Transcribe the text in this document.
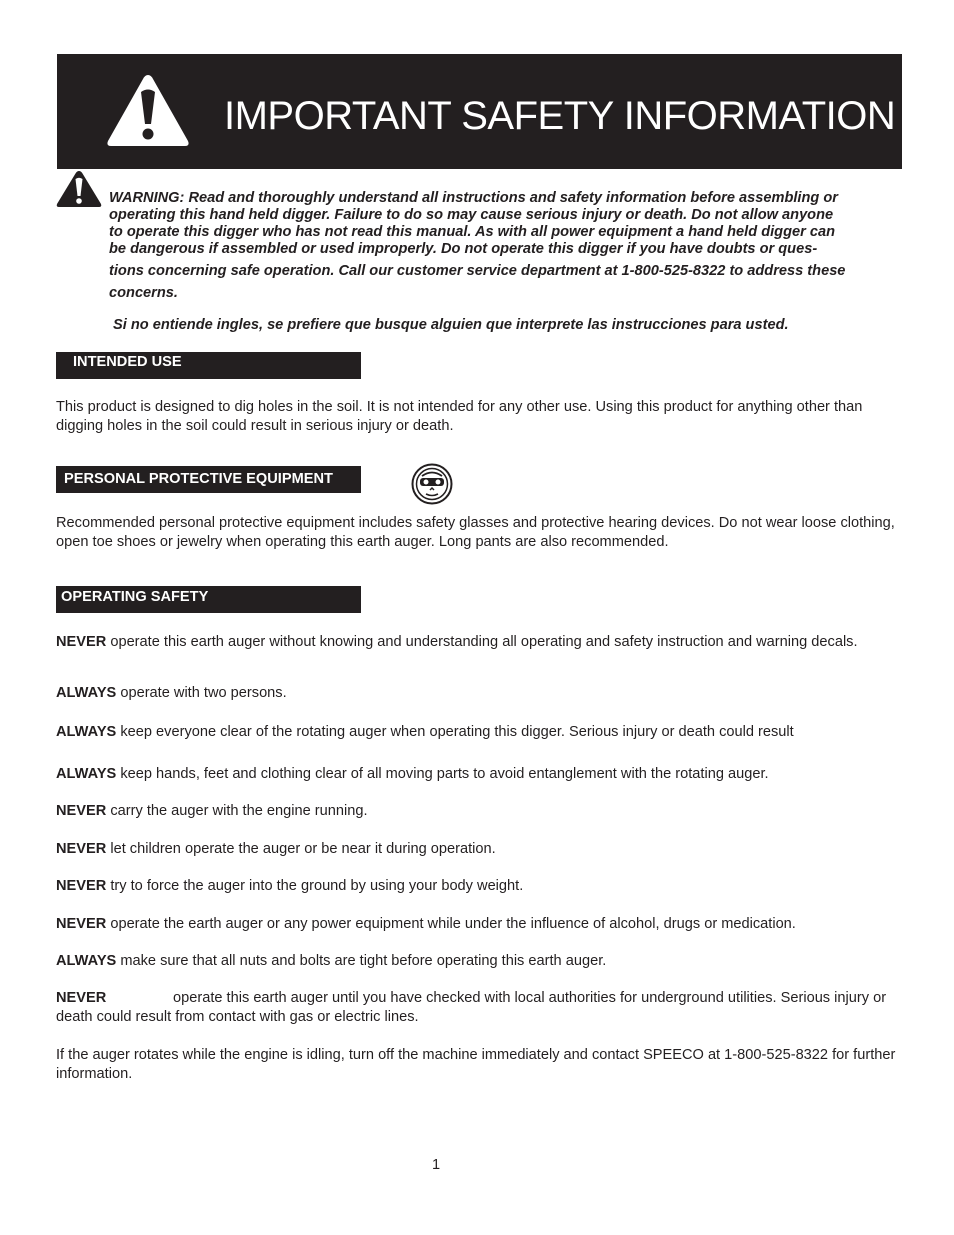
IMPORTANT SAFETY INFORMATION
WARNING: Read and thoroughly understand all instructions and safety information before assembling or
operating this hand held digger. Failure to do so may cause serious injury or death. Do not allow anyone
to operate this digger who has not read this manual. As with all power equipment a hand held digger can
be dangerous if assembled or used improperly. Do not operate this digger if you have doubts or ques-
tions concerning safe operation. Call our customer service department at 1-800-525-8322 to address these
concerns.

Si no entiende ingles, se prefiere que busque alguien que interprete las instrucciones para usted.

INTENDED USE

This product is designed to dig holes in the soil. It is not intended for any other use. Using this product for anything other than digging holes in the soil could result in serious injury or death.

PERSONAL PROTECTIVE EQUIPMENT

Recommended personal protective equipment includes safety glasses and protective hearing devices. Do not wear loose clothing, open toe shoes or jewelry when operating this earth auger. Long pants are also recommended.

OPERATING SAFETY

NEVER operate this earth auger without knowing and understanding all operating and safety instruction and warning decals.

ALWAYS operate with two persons.

ALWAYS keep everyone clear of the rotating auger when operating this digger. Serious injury or death could result

ALWAYS keep hands, feet and clothing clear of all moving parts to avoid entanglement with the rotating auger.

NEVER carry the auger with the engine running.

NEVER let children operate the auger or be near it during operation.

NEVER try to force the auger into the ground by using your body weight.

NEVER operate the earth auger or any power equipment while under the influence of alcohol, drugs or medication.

ALWAYS make sure that all nuts and bolts are tight before operating this earth auger.

NEVER	operate this earth auger until you have checked with local authorities for underground utilities. Serious injury or death could result from contact with gas or electric lines.

If the auger rotates while the engine is idling, turn off the machine immediately and contact SPEECO at 1-800-525-8322 for further information.

1
